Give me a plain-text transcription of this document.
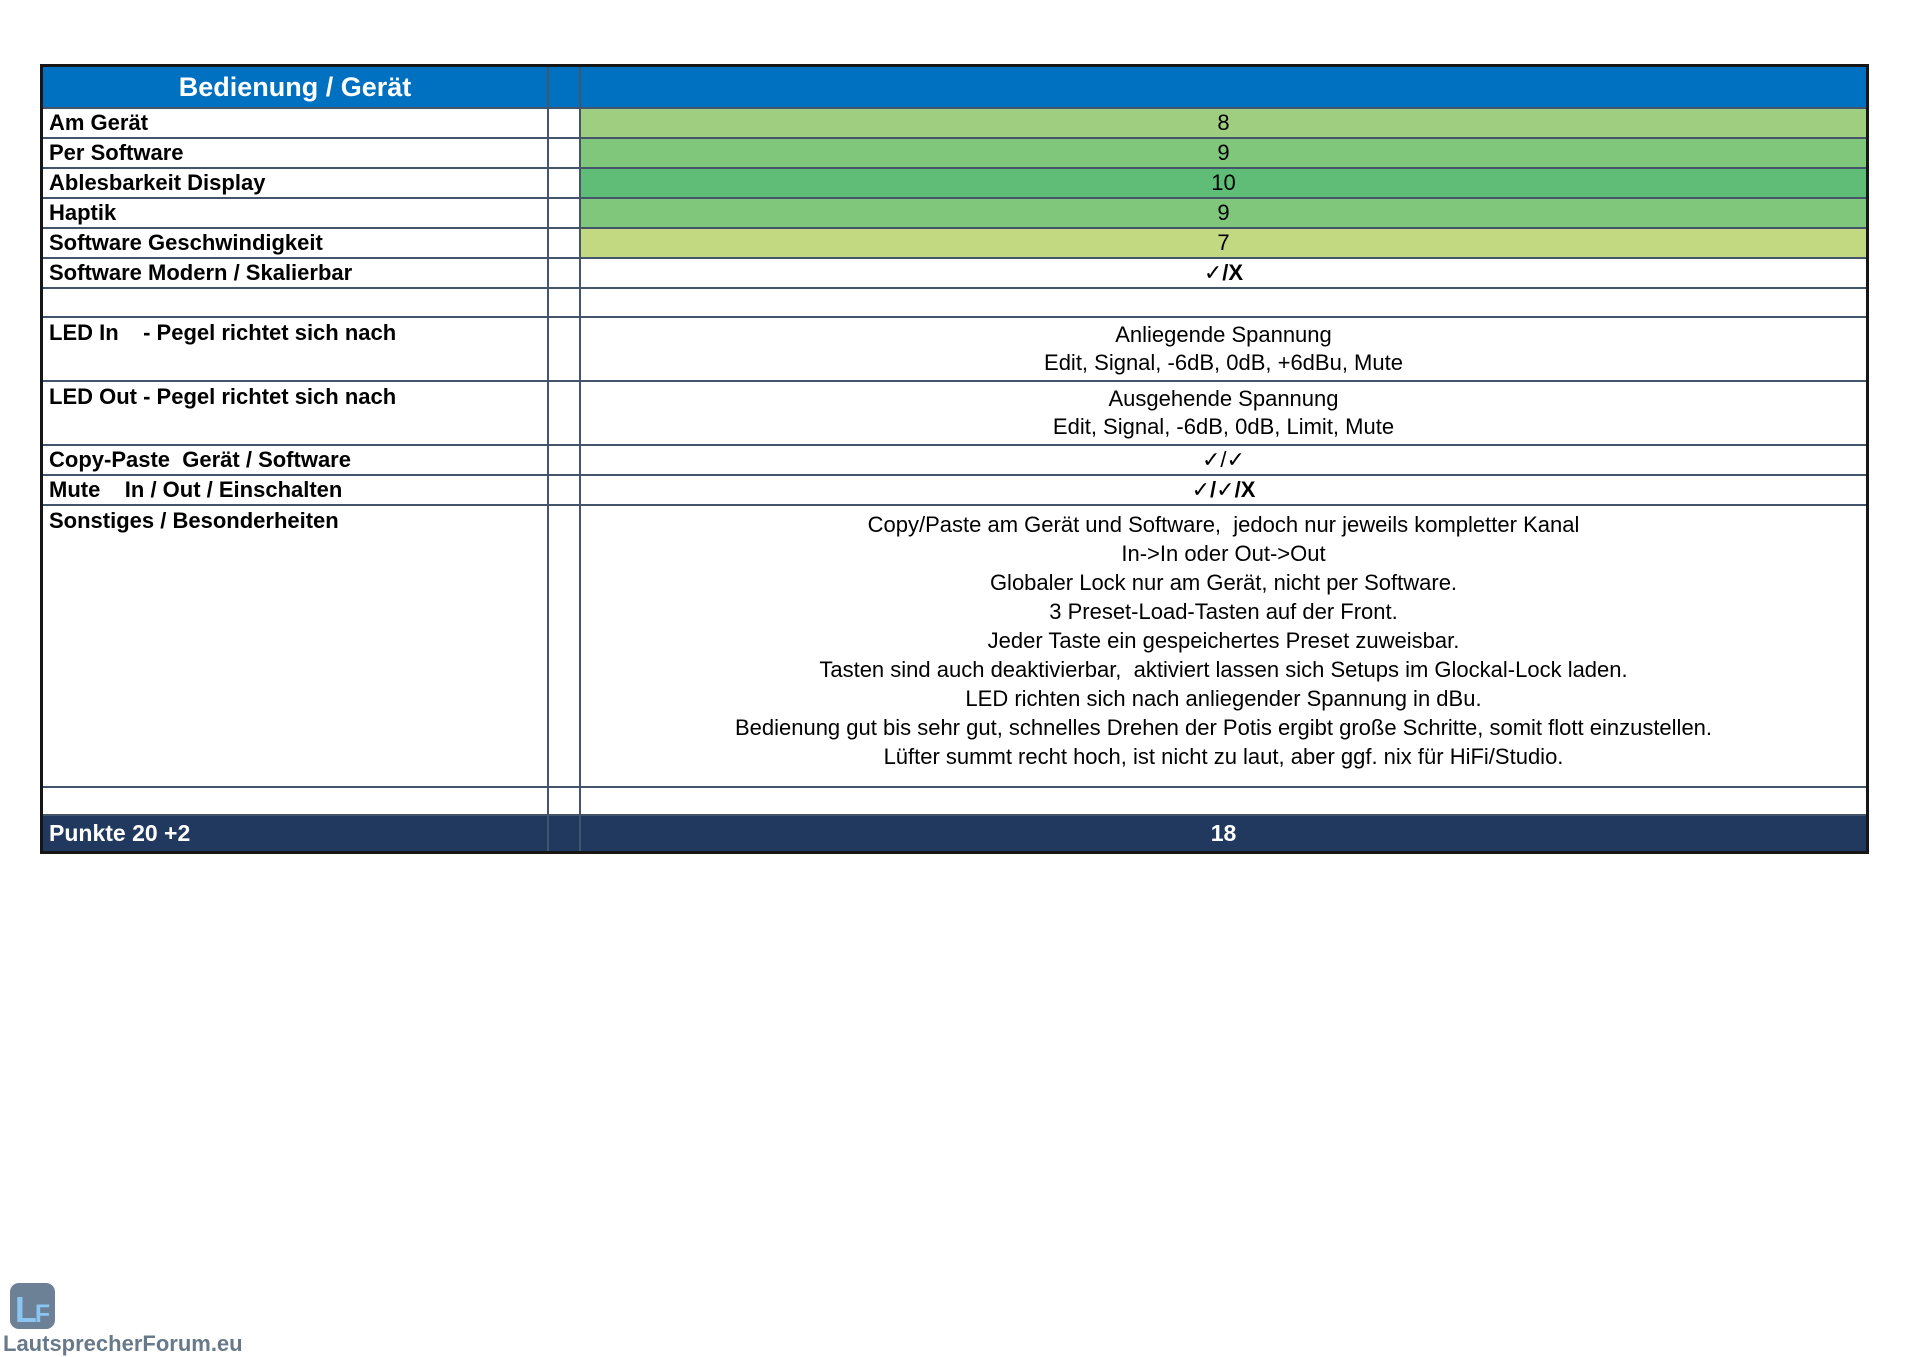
Bedienung / Gerät
Am Gerät	8
Per Software	9
Ablesbarkeit Display	10
Haptik	9
Software Geschwindigkeit	7
Software Modern / Skalierbar	✓/X
LED In    - Pegel richtet sich nach	Anliegende Spannung
Edit, Signal, -6dB, 0dB, +6dBu, Mute
LED Out - Pegel richtet sich nach	Ausgehende Spannung
Edit, Signal, -6dB, 0dB, Limit, Mute
Copy-Paste  Gerät / Software	✓/✓
Mute    In / Out / Einschalten	✓/✓/X
Sonstiges / Besonderheiten	Copy/Paste am Gerät und Software,  jedoch nur jeweils kompletter Kanal
In->In oder Out->Out
Globaler Lock nur am Gerät, nicht per Software.
3 Preset-Load-Tasten auf der Front.
Jeder Taste ein gespeichertes Preset zuweisbar.
Tasten sind auch deaktivierbar,  aktiviert lassen sich Setups im Glockal-Lock laden.
LED richten sich nach anliegender Spannung in dBu.
Bedienung gut bis sehr gut, schnelles Drehen der Potis ergibt große Schritte, somit flott einzustellen.
Lüfter summt recht hoch, ist nicht zu laut, aber ggf. nix für HiFi/Studio.
Punkte 20 +2	18
L
F
LautsprecherForum.eu
